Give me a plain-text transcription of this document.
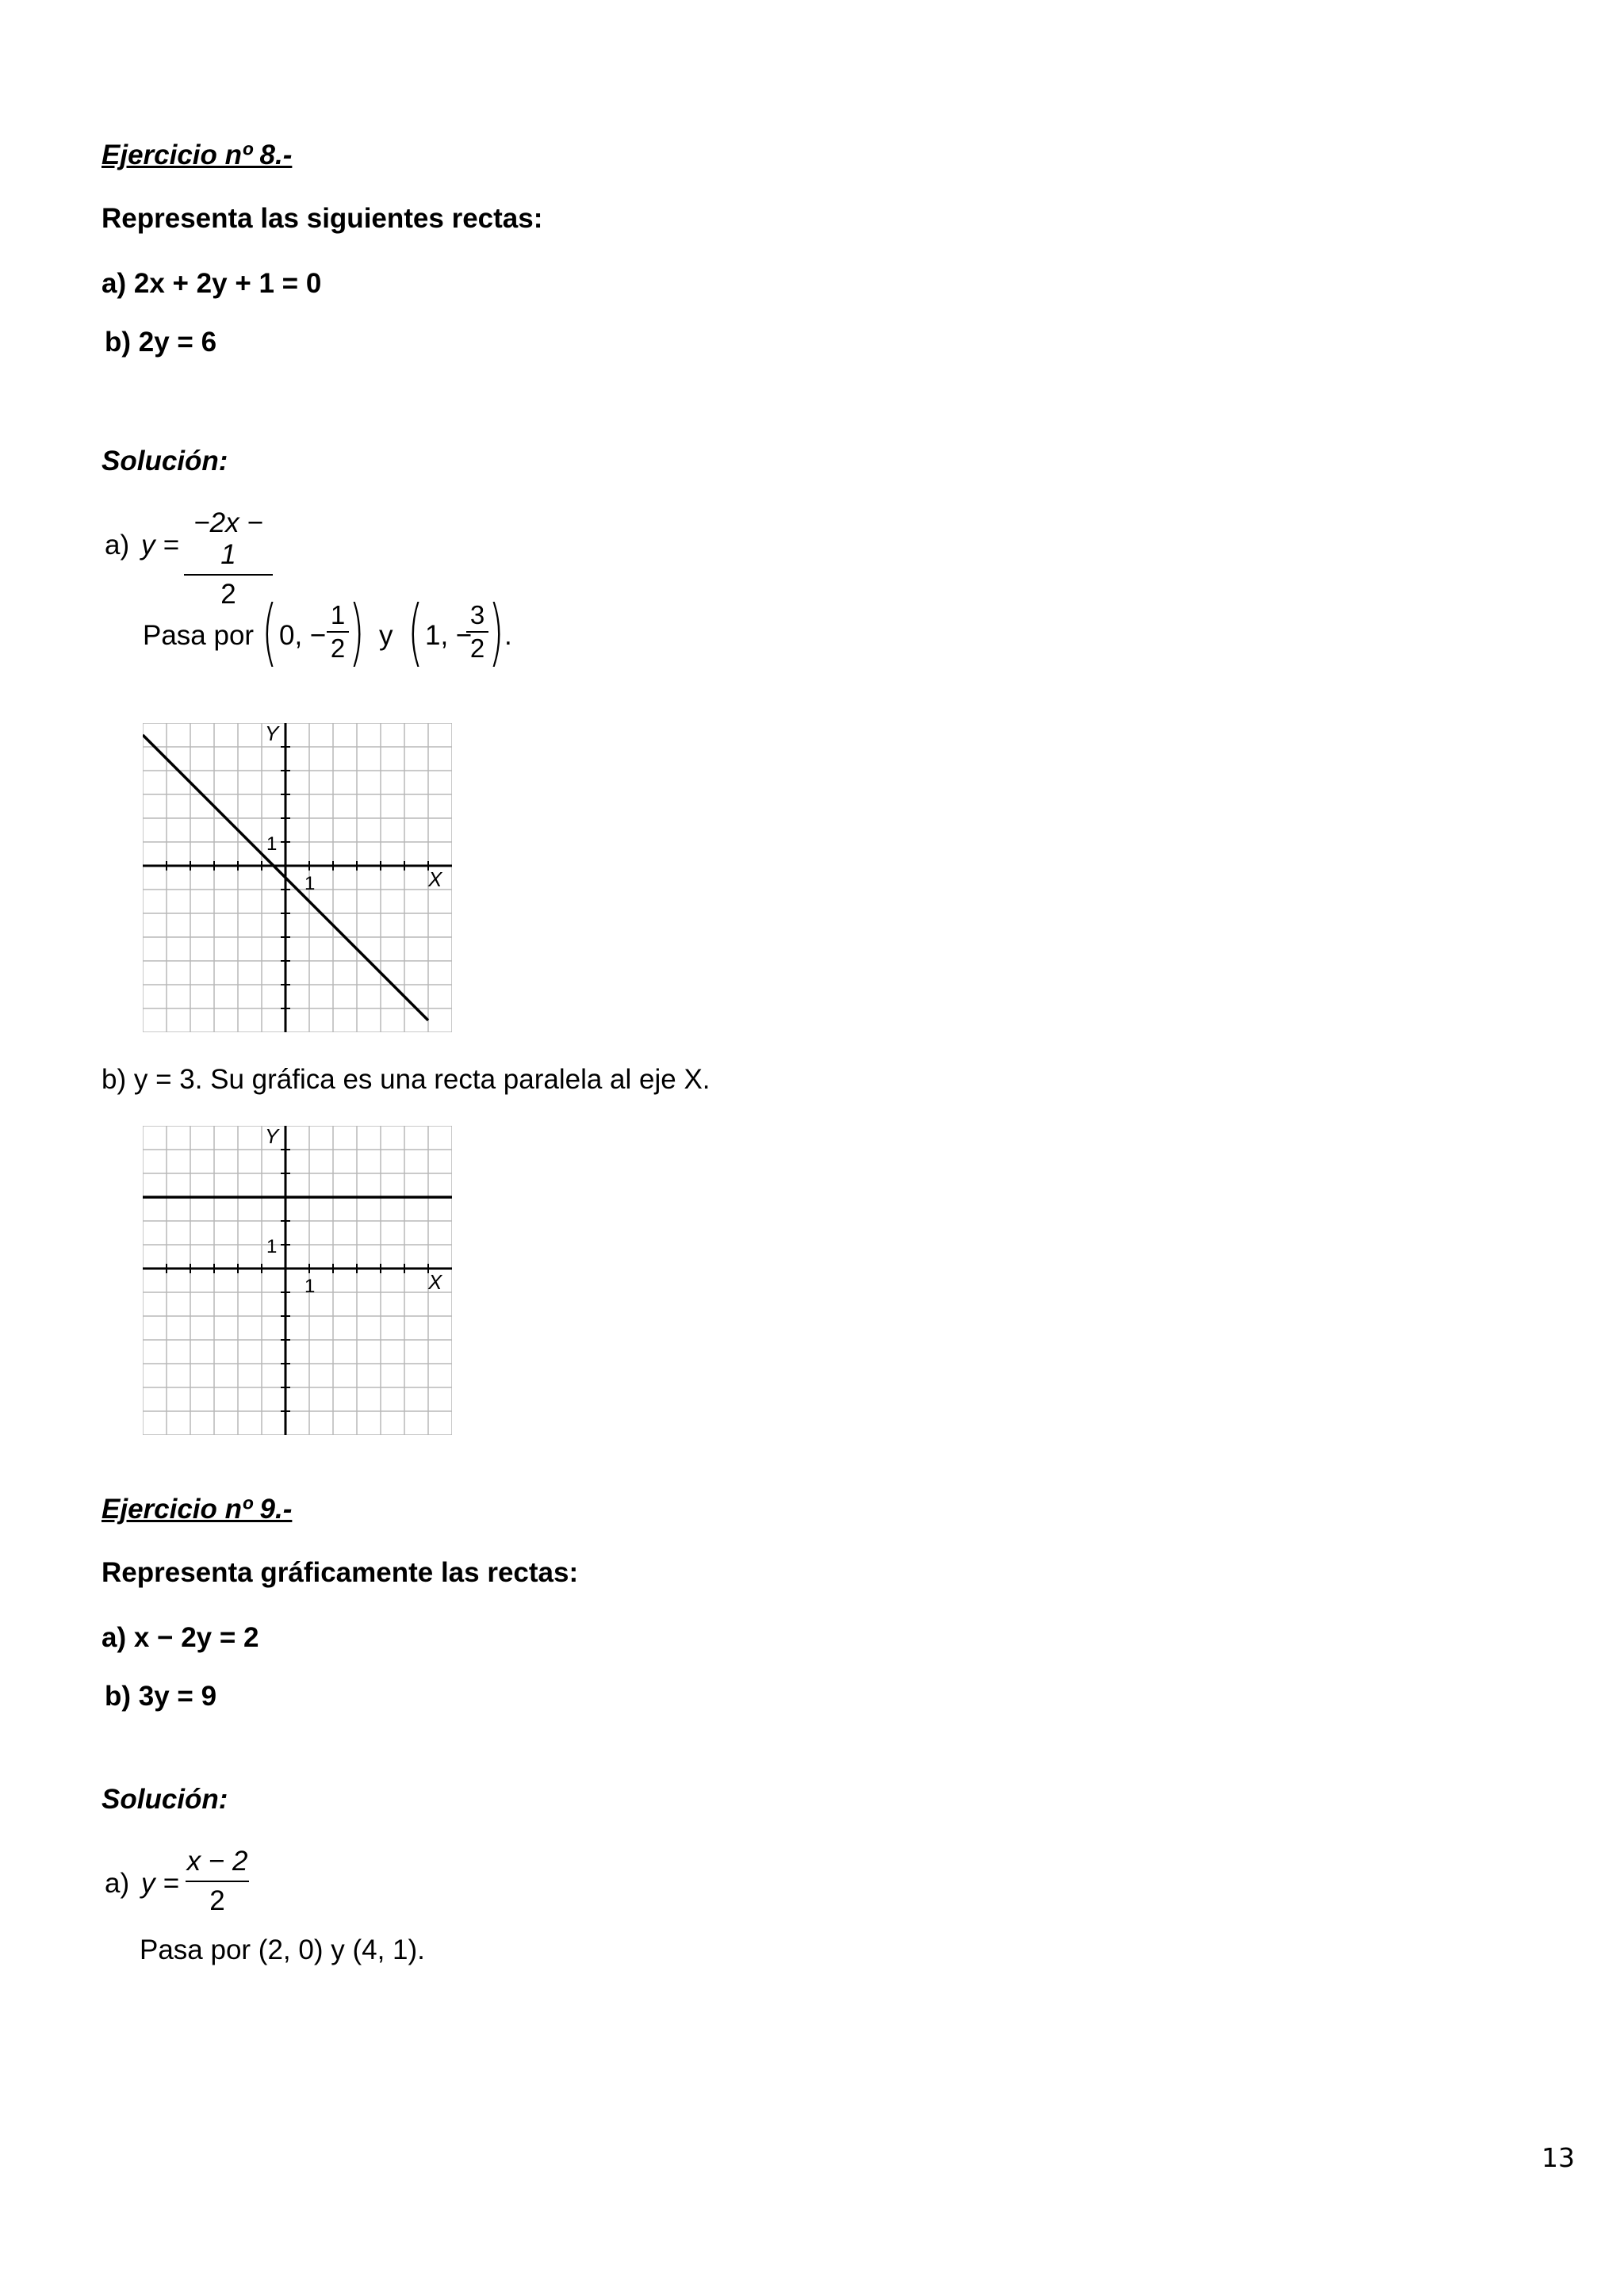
Ejercicio nº 8.-
Representa las siguientes rectas:
a) 2x + 2y + 1 = 0
b) 2y = 6
Solución:
a) y =
−2x − 1
2
Pasa por ( 0, −
1
2 ) y ( 1, −
3
2 ) .
Y
X
1
1
b) y = 3. Su gráfica es una recta paralela al eje X.
Y
X
1
1
Ejercicio nº 9.-
Representa gráficamente las rectas:
a) x − 2y = 2
b) 3y = 9
Solución:
a) y =
x − 2
2
Pasa por (2, 0) y (4, 1).
13
